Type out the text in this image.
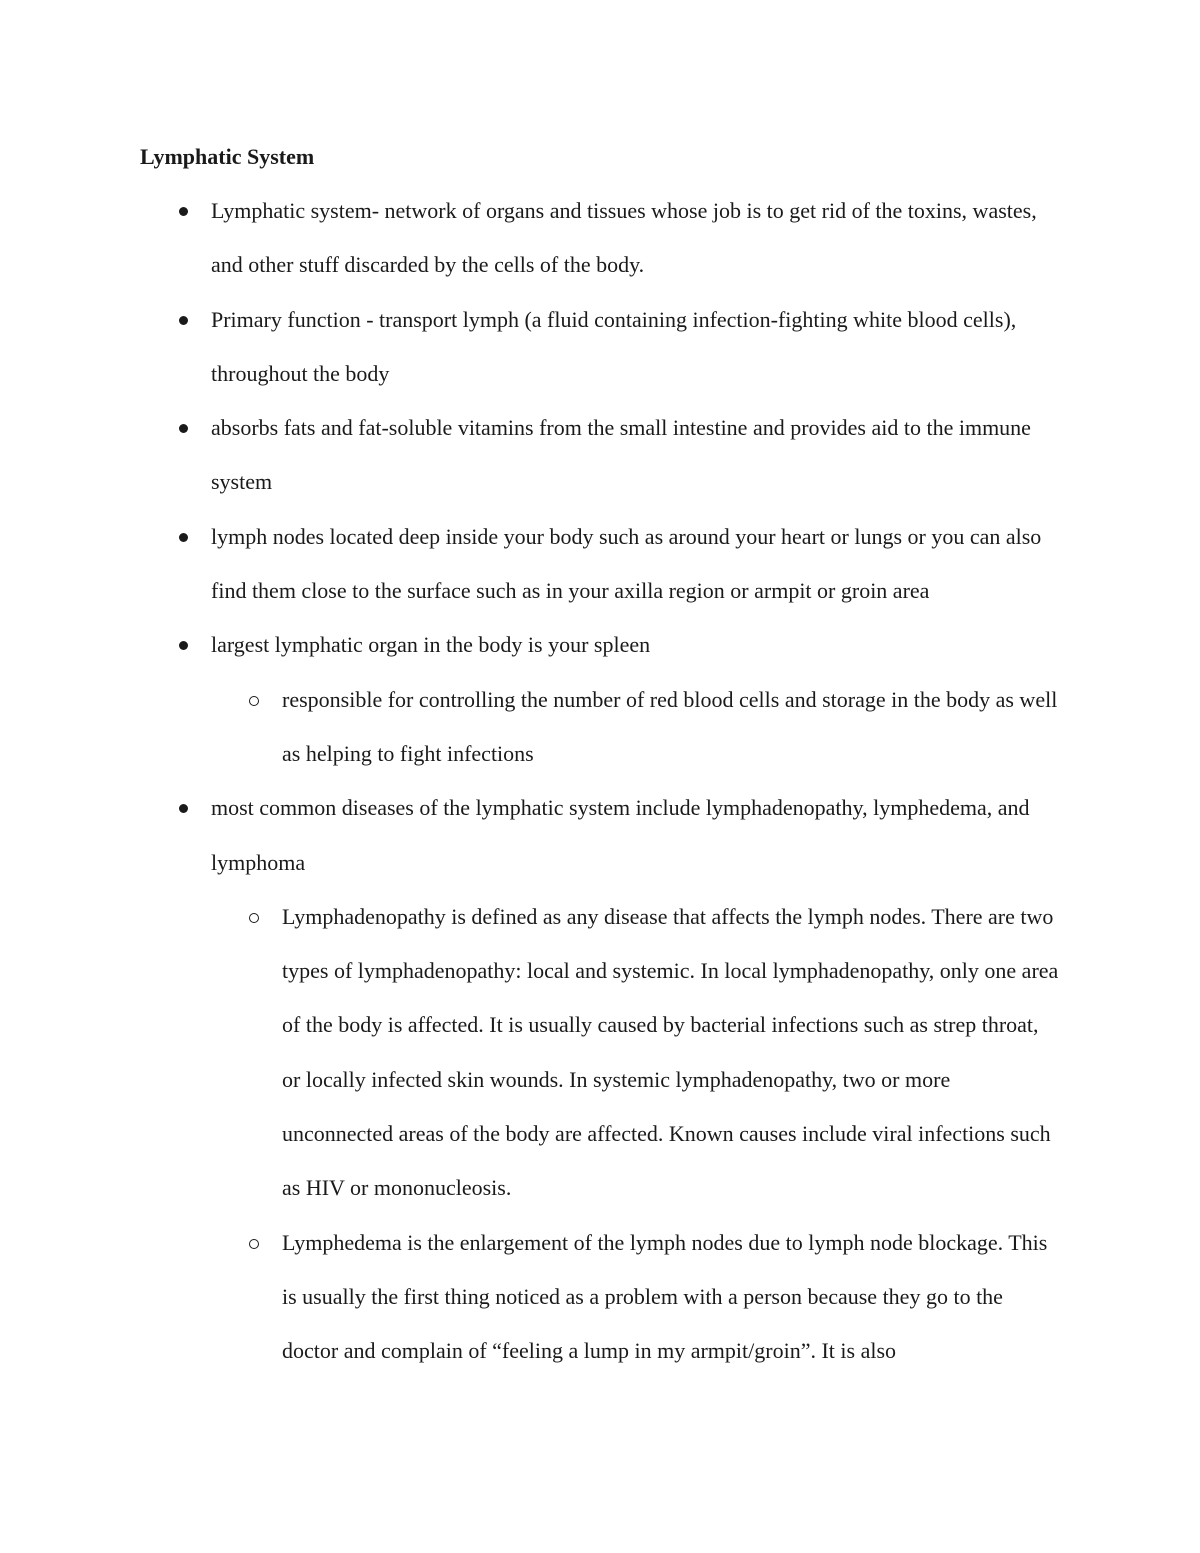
Lymphatic System
Lymphatic system- network of organs and tissues whose job is to get rid of the toxins, wastes, and other stuff discarded by the cells of the body.
Primary function - transport lymph (a fluid containing infection-fighting white blood cells), throughout the body
absorbs fats and fat-soluble vitamins from the small intestine and provides aid to the immune system
lymph nodes located deep inside your body such as around your heart or lungs or you can also find them close to the surface such as in your axilla region or armpit or groin area
largest lymphatic organ in the body is your spleen
responsible for controlling the number of red blood cells and storage in the body as well as helping to fight infections
most common diseases of the lymphatic system include lymphadenopathy, lymphedema, and lymphoma
Lymphadenopathy is defined as any disease that affects the lymph nodes. There are two types of lymphadenopathy: local and systemic. In local lymphadenopathy, only one area of the body is affected. It is usually caused by bacterial infections such as strep throat, or locally infected skin wounds. In systemic lymphadenopathy, two or more unconnected areas of the body are affected. Known causes include viral infections such as HIV or mononucleosis.
Lymphedema is the enlargement of the lymph nodes due to lymph node blockage. This is usually the first thing noticed as a problem with a person because they go to the doctor and complain of “feeling a lump in my armpit/groin”. It is also
